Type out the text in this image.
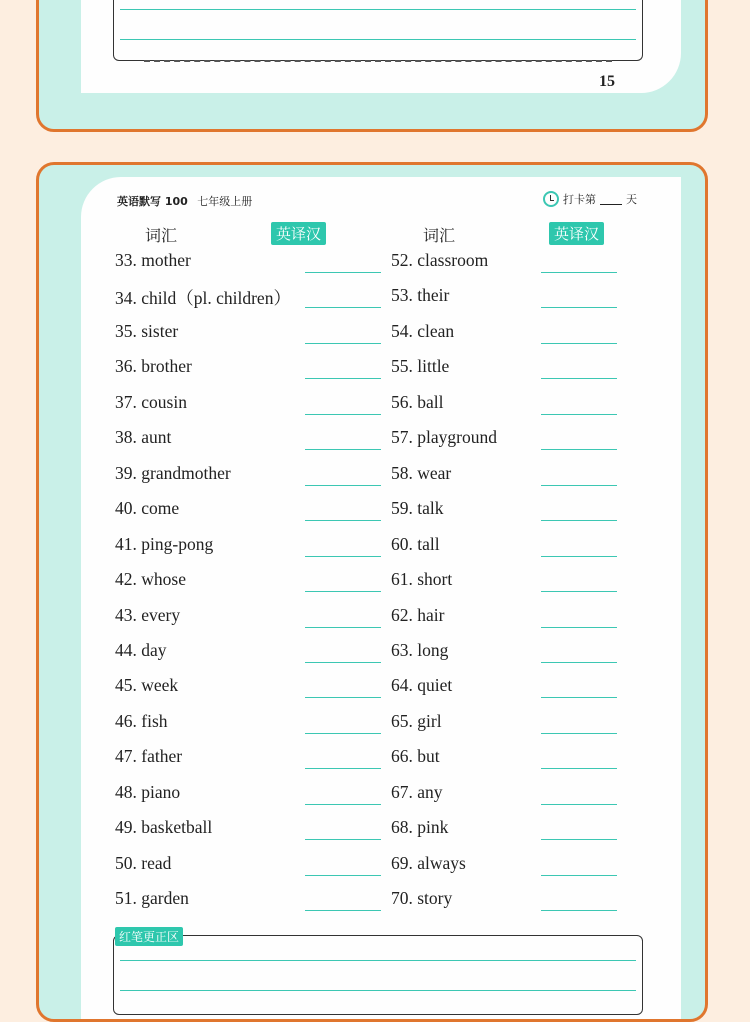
15
英语默写 100 七年级上册	打卡第	天
词汇	英译汉	词汇	英译汉
33. mother
34. child（pl. children）
35. sister
36. brother
37. cousin
38. aunt
39. grandmother
40. come
41. ping-pong
42. whose
43. every
44. day
45. week
46. fish
47. father
48. piano
49. basketball
50. read
51. garden
52. classroom
53. their
54. clean
55. little
56. ball
57. playground
58. wear
59. talk
60. tall
61. short
62. hair
63. long
64. quiet
65. girl
66. but
67. any
68. pink
69. always
70. story
红笔更正区
